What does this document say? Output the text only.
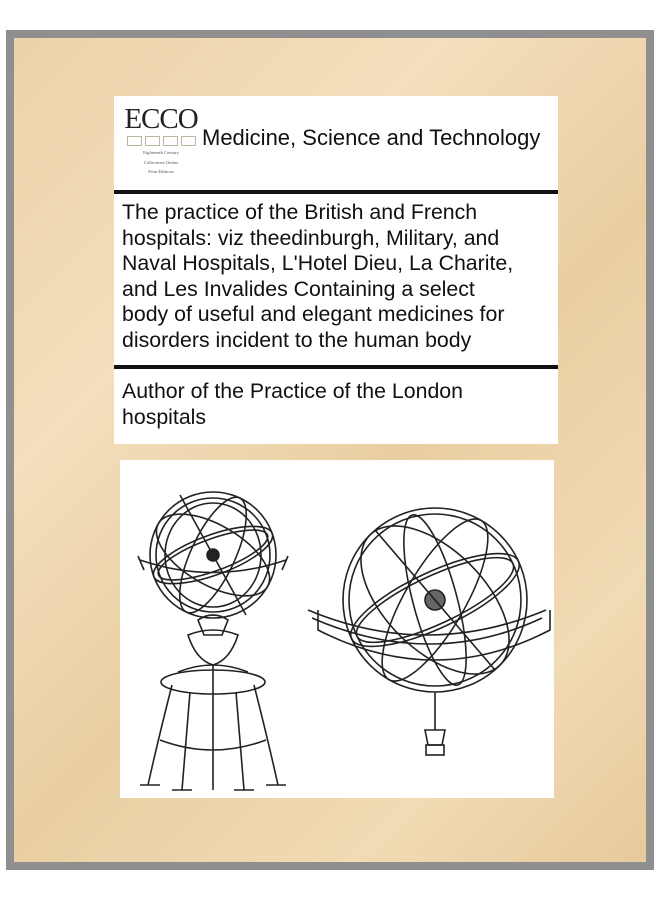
ECCO
Eighteenth Century
Collections Online
Print Editions
Medicine, Science and Technology
The practice of the British and French
hospitals: viz theedinburgh, Military, and
Naval Hospitals, L'Hotel Dieu, La Charite,
and Les Invalides Containing a select
body of useful and elegant medicines for
disorders incident to the human body
Author of the Practice of the London
hospitals
